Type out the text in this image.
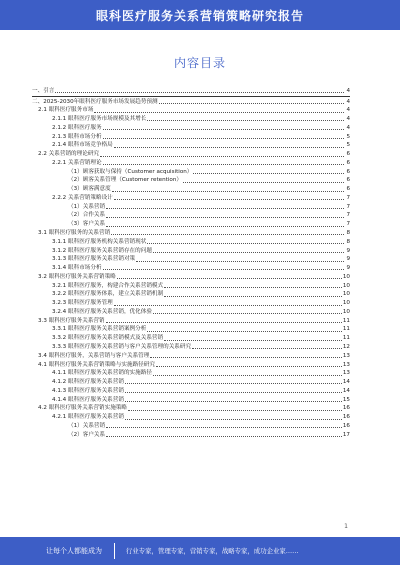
眼科医疗服务关系营销策略研究报告
内容目录
一、引言	4
二、2025-2030年眼科医疗服务市场发展趋势预测	4
2.1 眼科医疗服务市场	4
2.1.1 眼科医疗服务市场规模及其增长	4
2.1.2 眼科医疗服务	4
2.1.3 眼科市场分析	5
2.1.4 眼科市场竞争格局	5
2.2 关系营销的理论研究	6
2.2.1 关系营销理论	6
（1）顾客获取与保持（Customer acquisition）	6
（2）顾客关系管理（Customer retention）	6
（3）顾客满意度	6
2.2.2 关系营销策略设计	7
（1）关系营销	7
（2）合作关系	7
（3）客户关系	7
3.1 眼科医疗服务的关系营销	8
3.1.1 眼科医疗服务机构关系营销现状	8
3.1.2 眼科医疗服务关系营销存在的问题	9
3.1.3 眼科医疗服务关系营销对策	9
3.1.4 眼科市场分析	9
3.2 眼科医疗服务关系营销策略	10
3.2.1 眼科医疗服务，构建合作关系营销模式	10
3.2.2 眼科医疗服务体系，建立关系营销机制	10
3.2.3 眼科医疗服务管理	10
3.2.4 眼科医疗服务关系营销，优化体验	10
3.3 眼科医疗服务关系营销	11
3.3.1 眼科医疗服务关系营销案例分析	11
3.3.2 眼科医疗服务关系营销模式及关系营销	11
3.3.3 眼科医疗服务关系营销与客户关系管理的关系研究	12
3.4 眼科医疗服务，关系营销与客户关系管理	13
4.1 眼科医疗服务关系营销策略与实施路径研究	13
4.1.1 眼科医疗服务关系营销的实施路径	13
4.1.2 眼科医疗服务关系营销	14
4.1.3 眼科医疗服务关系营销	14
4.1.4 眼科医疗服务关系营销	15
4.2 眼科医疗服务关系营销实施策略	16
4.2.1 眼科医疗服务关系营销	16
（1）关系营销	16
（2）客户关系	17
1
让每个人都能成为	行业专家，管理专家，营销专家，战略专家，成功企业家……
